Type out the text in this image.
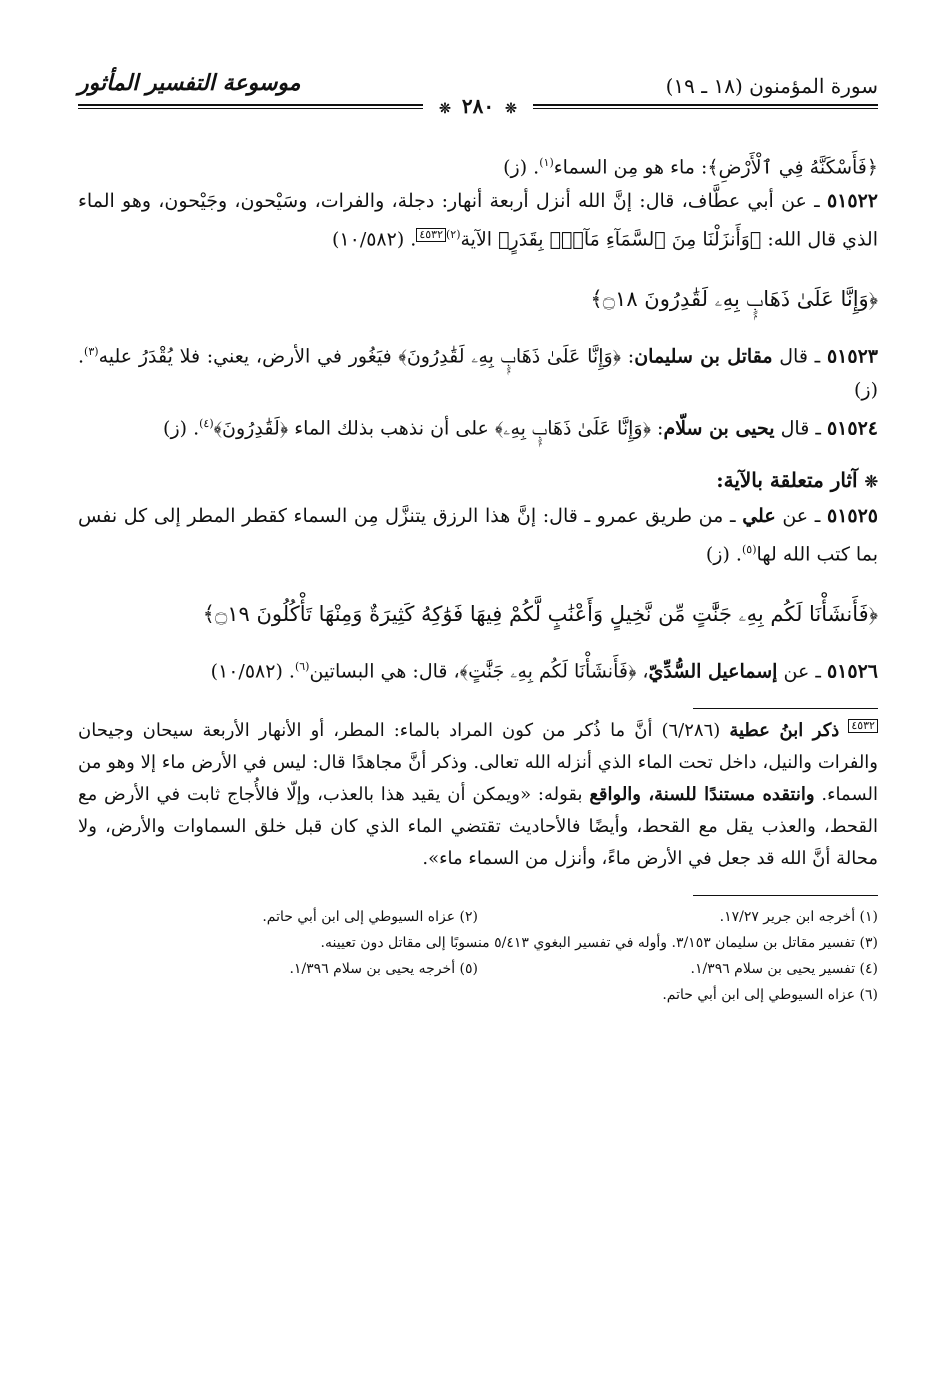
سورة المؤمنون (١٨ ـ ١٩)
موسوعة التفسير المأثور
❊ ٢٨٠ ❊

﴿فَأَسْكَنَّهُ فِي ٱلْأَرْضِ﴾: ماء هو مِن السماء$^{(١)}$. (ز)

٥١٥٢٢ ـ عن أبي عطَّاف، قال: إنَّ الله أنزل أربعة أنهار: دجلة، والفرات، وسَيْحون، وجَيْحون، وهو الماء الذي قال الله: ﴿وَأَنزَلْنَا مِنَ ٱلسَّمَآءِ مَآءًۢ بِقَدَرٍ﴾ الآية$^{(٢)}$٤٥٣٢. (١٠/٥٨٢)

﴿وَإِنَّا عَلَىٰ ذَهَابٍۭ بِهِۦ لَقَٰدِرُونَ ۝١٨﴾

٥١٥٢٣ ـ قال مقاتل بن سليمان: ﴿وَإِنَّا عَلَىٰ ذَهَابٍۭ بِهِۦ لَقَٰدِرُونَ﴾ فيَغُور في الأرض، يعني: فلا يُقْدَرُ عليه$^{(٣)}$. (ز)

٥١٥٢٤ ـ قال يحيى بن سلّام: ﴿وَإِنَّا عَلَىٰ ذَهَابٍۭ بِهِۦ﴾ على أن نذهب بذلك الماء ﴿لَقَٰدِرُونَ﴾$^{(٤)}$. (ز)

❊ آثار متعلقة بالآية:

٥١٥٢٥ ـ عن علي ـ من طريق عمرو ـ قال: إنَّ هذا الرزق يتنزَّل مِن السماء كقطر المطر إلى كل نفس بما كتب الله لها$^{(٥)}$. (ز)

﴿فَأَنشَأْنَا لَكُم بِهِۦ جَنَّٰتٍ مِّن نَّخِيلٍ وَأَعْنَٰبٍ لَّكُمْ فِيهَا فَوَٰكِهُ كَثِيرَةٌ وَمِنْهَا تَأْكُلُونَ ۝١٩﴾

٥١٥٢٦ ـ عن إسماعيل السُّدِّيّ، ﴿فَأَنشَأْنَا لَكُم بِهِۦ جَنَّٰتٍ﴾، قال: هي البساتين$^{(٦)}$. (١٠/٥٨٢)

٤٥٣٢ ذكر ابنُ عطية (٦/٢٨٦) أنَّ ما ذُكر من كون المراد بالماء: المطر، أو الأنهار الأربعة سيحان وجيحان والفرات والنيل، داخل تحت الماء الذي أنزله الله تعالى. وذكر أنَّ مجاهدًا قال: ليس في الأرض ماء إلا وهو من السماء. وانتقده مستندًا للسنة، والواقع بقوله: «ويمكن أن يقيد هذا بالعذب، وإلّا فالأُجاج ثابت في الأرض مع القحط، والعذب يقل مع القحط، وأيضًا فالأحاديث تقتضي الماء الذي كان قبل خلق السماوات والأرض، ولا محالة أنَّ الله قد جعل في الأرض ماءً، وأنزل من السماء ماء».

(١) أخرجه ابن جرير ١٧/٢٧.

(٢) عزاه السيوطي إلى ابن أبي حاتم.

(٣) تفسير مقاتل بن سليمان ٣/١٥٣. وأوله في تفسير البغوي ٥/٤١٣ منسوبًا إلى مقاتل دون تعيينه.

(٤) تفسير يحيى بن سلام ١/٣٩٦.

(٥) أخرجه يحيى بن سلام ١/٣٩٦.

(٦) عزاه السيوطي إلى ابن أبي حاتم.
